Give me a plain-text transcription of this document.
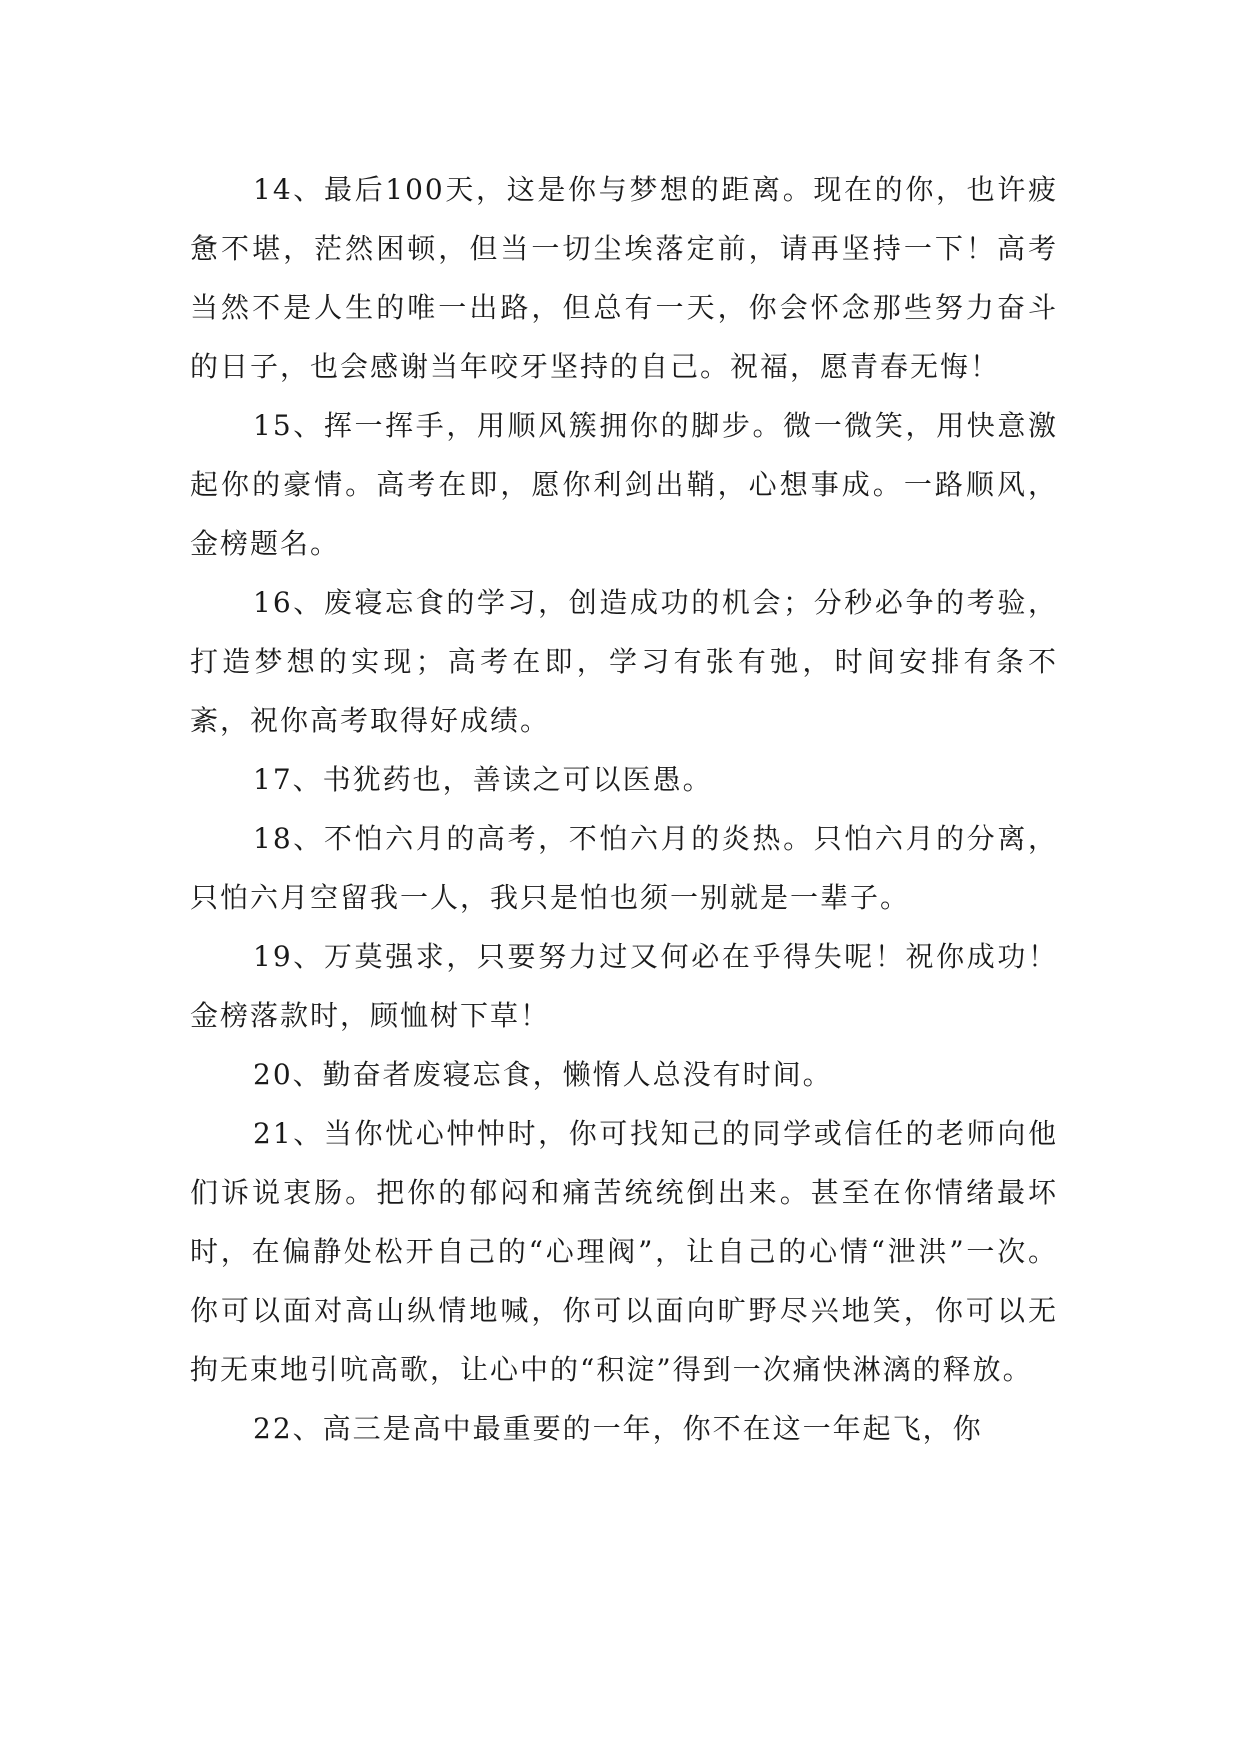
14、最后100天，这是你与梦想的距离。现在的你，也许疲惫不堪，茫然困顿，但当一切尘埃落定前，请再坚持一下！高考当然不是人生的唯一出路，但总有一天，你会怀念那些努力奋斗的日子，也会感谢当年咬牙坚持的自己。祝福，愿青春无悔！

15、挥一挥手，用顺风簇拥你的脚步。微一微笑，用快意激起你的豪情。高考在即，愿你利剑出鞘，心想事成。一路顺风，金榜题名。

16、废寝忘食的学习，创造成功的机会；分秒必争的考验，打造梦想的实现；高考在即，学习有张有弛，时间安排有条不紊，祝你高考取得好成绩。

17、书犹药也，善读之可以医愚。

18、不怕六月的高考，不怕六月的炎热。只怕六月的分离，只怕六月空留我一人，我只是怕也须一别就是一辈子。

19、万莫强求，只要努力过又何必在乎得失呢！祝你成功！金榜落款时，顾恤树下草！

20、勤奋者废寝忘食，懒惰人总没有时间。

21、当你忧心忡忡时，你可找知己的同学或信任的老师向他们诉说衷肠。把你的郁闷和痛苦统统倒出来。甚至在你情绪最坏时，在偏静处松开自己的“心理阀”，让自己的心情“泄洪”一次。你可以面对高山纵情地喊，你可以面向旷野尽兴地笑，你可以无拘无束地引吭高歌，让心中的“积淀”得到一次痛快淋漓的释放。

22、高三是高中最重要的一年，你不在这一年起飞，你
